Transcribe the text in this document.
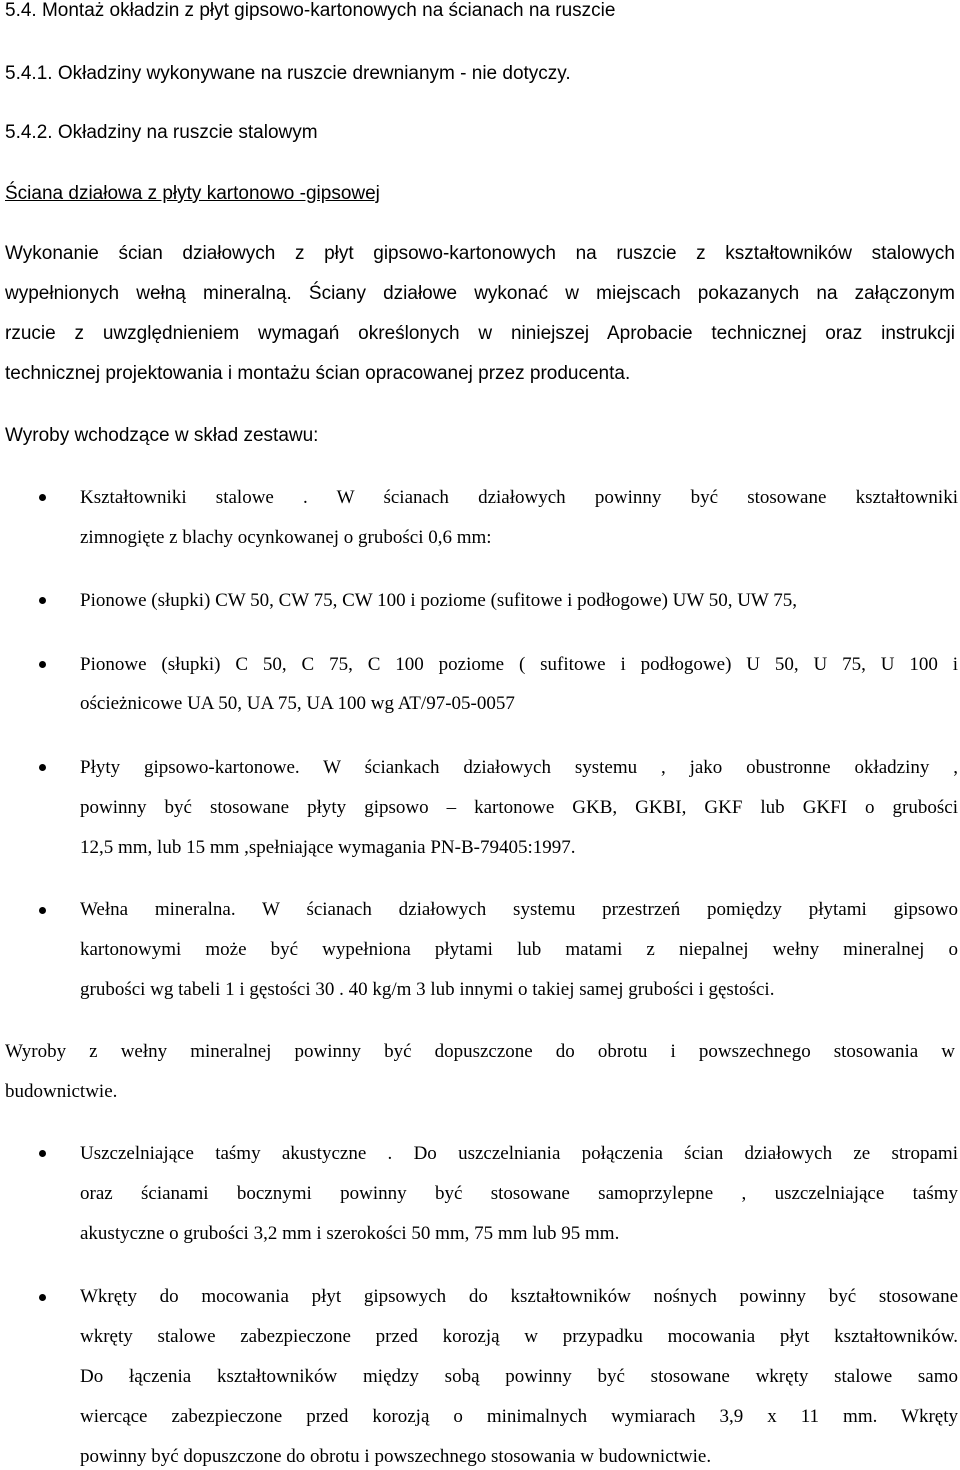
5.4. Montaż okładzin z płyt gipsowo-kartonowych na ścianach na ruszcie
5.4.1. Okładziny wykonywane na ruszcie drewnianym - nie dotyczy.
5.4.2. Okładziny na ruszcie stalowym
Ściana działowa z płyty kartonowo -gipsowej
Wykonanie ścian działowych z płyt gipsowo-kartonowych na ruszcie z kształtowników stalowych
wypełnionych wełną mineralną. Ściany działowe wykonać w miejscach pokazanych na załączonym
rzucie z uwzględnieniem wymagań określonych w niniejszej Aprobacie technicznej oraz instrukcji
technicznej projektowania i montażu ścian opracowanej przez producenta.
Wyroby wchodzące w skład zestawu:
Kształtowniki stalowe . W ścianach działowych powinny być stosowane kształtowniki
zimnogięte z blachy ocynkowanej o grubości 0,6 mm:
Pionowe (słupki) CW 50, CW 75, CW 100 i poziome (sufitowe i podłogowe) UW 50, UW 75,
Pionowe (słupki) C 50, C 75, C 100 poziome ( sufitowe i podłogowe) U 50, U 75, U 100 i
ościeżnicowe UA 50, UA 75, UA 100 wg AT/97-05-0057
Płyty gipsowo-kartonowe. W ściankach działowych systemu , jako obustronne okładziny ,
powinny być stosowane płyty gipsowo – kartonowe GKB, GKBI, GKF lub GKFI o grubości
12,5 mm, lub 15 mm ,spełniające wymagania PN-B-79405:1997.
Wełna mineralna. W ścianach działowych systemu przestrzeń pomiędzy płytami gipsowo
kartonowymi może być wypełniona płytami lub matami z niepalnej wełny mineralnej o
grubości wg tabeli 1 i gęstości 30 . 40 kg/m 3 lub innymi o takiej samej grubości i gęstości.
Wyroby z wełny mineralnej powinny być dopuszczone do obrotu i powszechnego stosowania w
budownictwie.
Uszczelniające taśmy akustyczne . Do uszczelniania połączenia ścian działowych ze stropami
oraz ścianami bocznymi powinny być stosowane samoprzylepne , uszczelniające taśmy
akustyczne o grubości 3,2 mm i szerokości 50 mm, 75 mm lub 95 mm.
Wkręty do mocowania płyt gipsowych do kształtowników nośnych powinny być stosowane
wkręty stalowe zabezpieczone przed korozją w przypadku mocowania płyt kształtowników.
Do łączenia kształtowników między sobą powinny być stosowane wkręty stalowe samo
wiercące zabezpieczone przed korozją o minimalnych wymiarach 3,9 x 11 mm. Wkręty
powinny być dopuszczone do obrotu i powszechnego stosowania w budownictwie.
